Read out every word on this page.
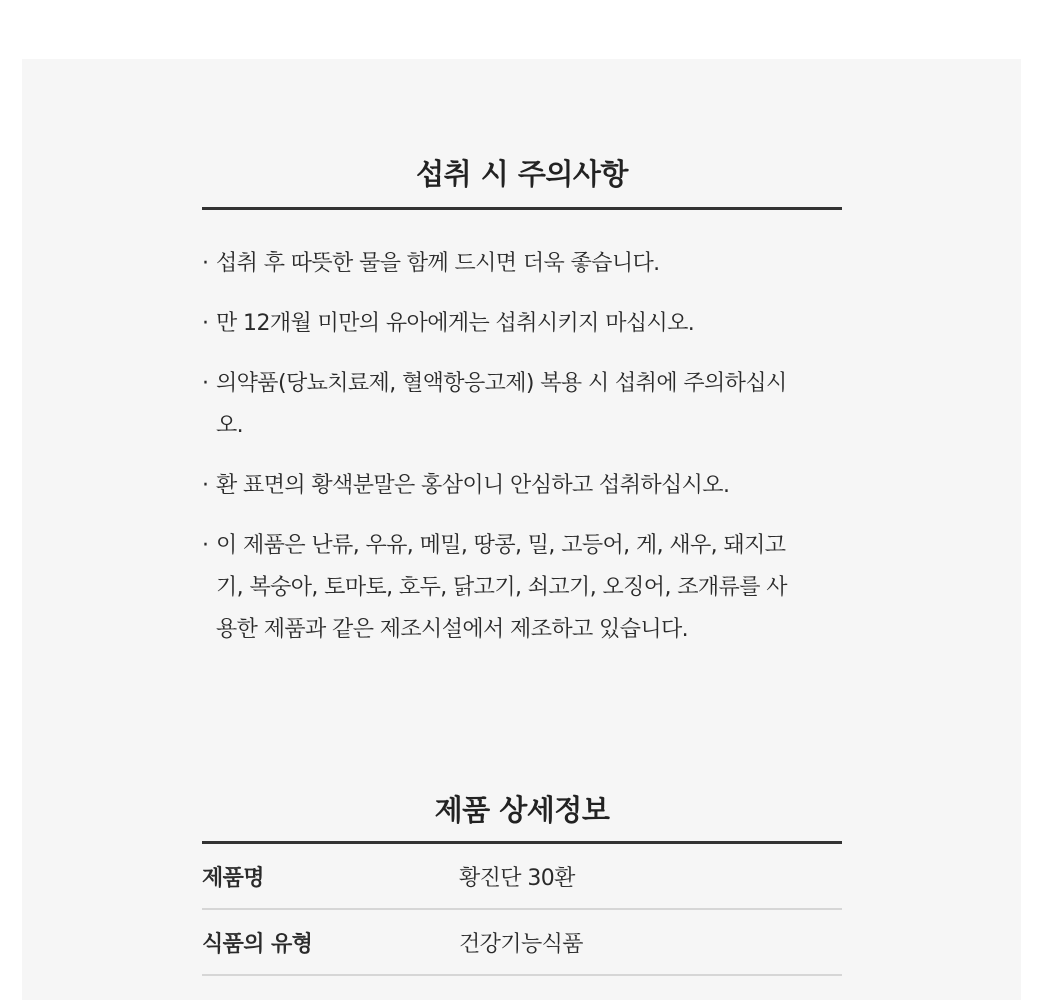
섭취 시 주의사항
· 섭취 후 따뜻한 물을 함께 드시면 더욱 좋습니다.
· 만 12개월 미만의 유아에게는 섭취시키지 마십시오.
· 의약품(당뇨치료제, 혈액항응고제) 복용 시 섭취에 주의하십시오.
· 환 표면의 황색분말은 홍삼이니 안심하고 섭취하십시오.
· 이 제품은 난류, 우유, 메밀, 땅콩, 밀, 고등어, 게, 새우, 돼지고기, 복숭아, 토마토, 호두, 닭고기, 쇠고기, 오징어, 조개류를 사용한 제품과 같은 제조시설에서 제조하고 있습니다.
제품 상세정보
제품명	황진단 30환
식품의 유형	건강기능식품
